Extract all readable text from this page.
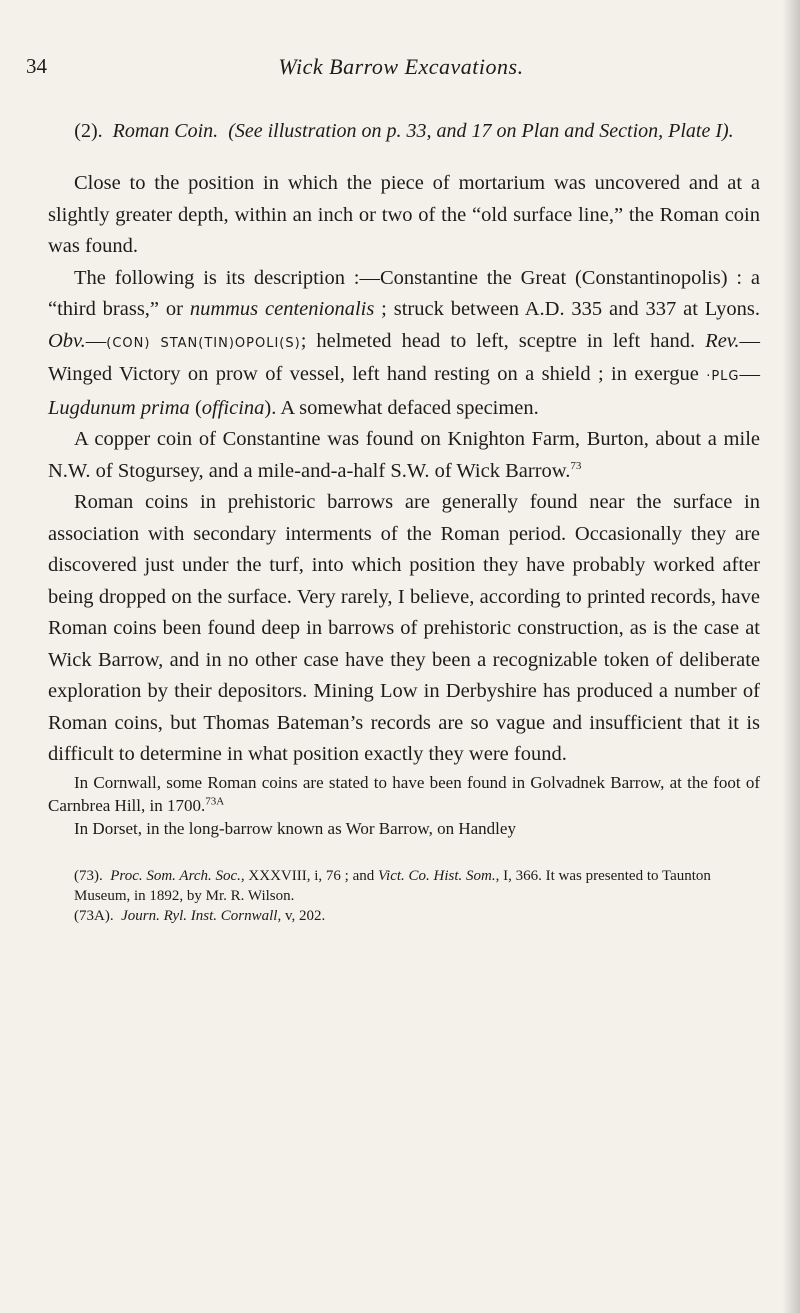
34	Wick Barrow Excavations.

(2). Roman Coin. (See illustration on p. 33, and 17 on Plan and Section, Plate I).

Close to the position in which the piece of mortarium was uncovered and at a slightly greater depth, within an inch or two of the “old surface line,” the Roman coin was found.

The following is its description :—Constantine the Great (Constantinopolis) : a “third brass,” or nummus centenionalis ; struck between A.D. 335 and 337 at Lyons. Obv.—(CON) STAN(TIN)OPOLI(S); helmeted head to left, sceptre in left hand. Rev.—Winged Victory on prow of vessel, left hand resting on a shield ; in exergue ·PLG—Lugdunum prima (officina). A somewhat defaced specimen.

A copper coin of Constantine was found on Knighton Farm, Burton, about a mile N.W. of Stogursey, and a mile-and-a-half S.W. of Wick Barrow.$^{73}$

Roman coins in prehistoric barrows are generally found near the surface in association with secondary interments of the Roman period. Occasionally they are discovered just under the turf, into which position they have probably worked after being dropped on the surface. Very rarely, I believe, according to printed records, have Roman coins been found deep in barrows of prehistoric construction, as is the case at Wick Barrow, and in no other case have they been a recognizable token of deliberate exploration by their depositors. Mining Low in Derbyshire has produced a number of Roman coins, but Thomas Bateman’s records are so vague and insufficient that it is difficult to determine in what position exactly they were found.

In Cornwall, some Roman coins are stated to have been found in Golvadnek Barrow, at the foot of Carnbrea Hill, in 1700.$^{73A}$

In Dorset, in the long-barrow known as Wor Barrow, on Handley

(73). Proc. Som. Arch. Soc., XXXVIII, i, 76 ; and Vict. Co. Hist. Som., I, 366. It was presented to Taunton Museum, in 1892, by Mr. R. Wilson.

(73A). Journ. Ryl. Inst. Cornwall, v, 202.
